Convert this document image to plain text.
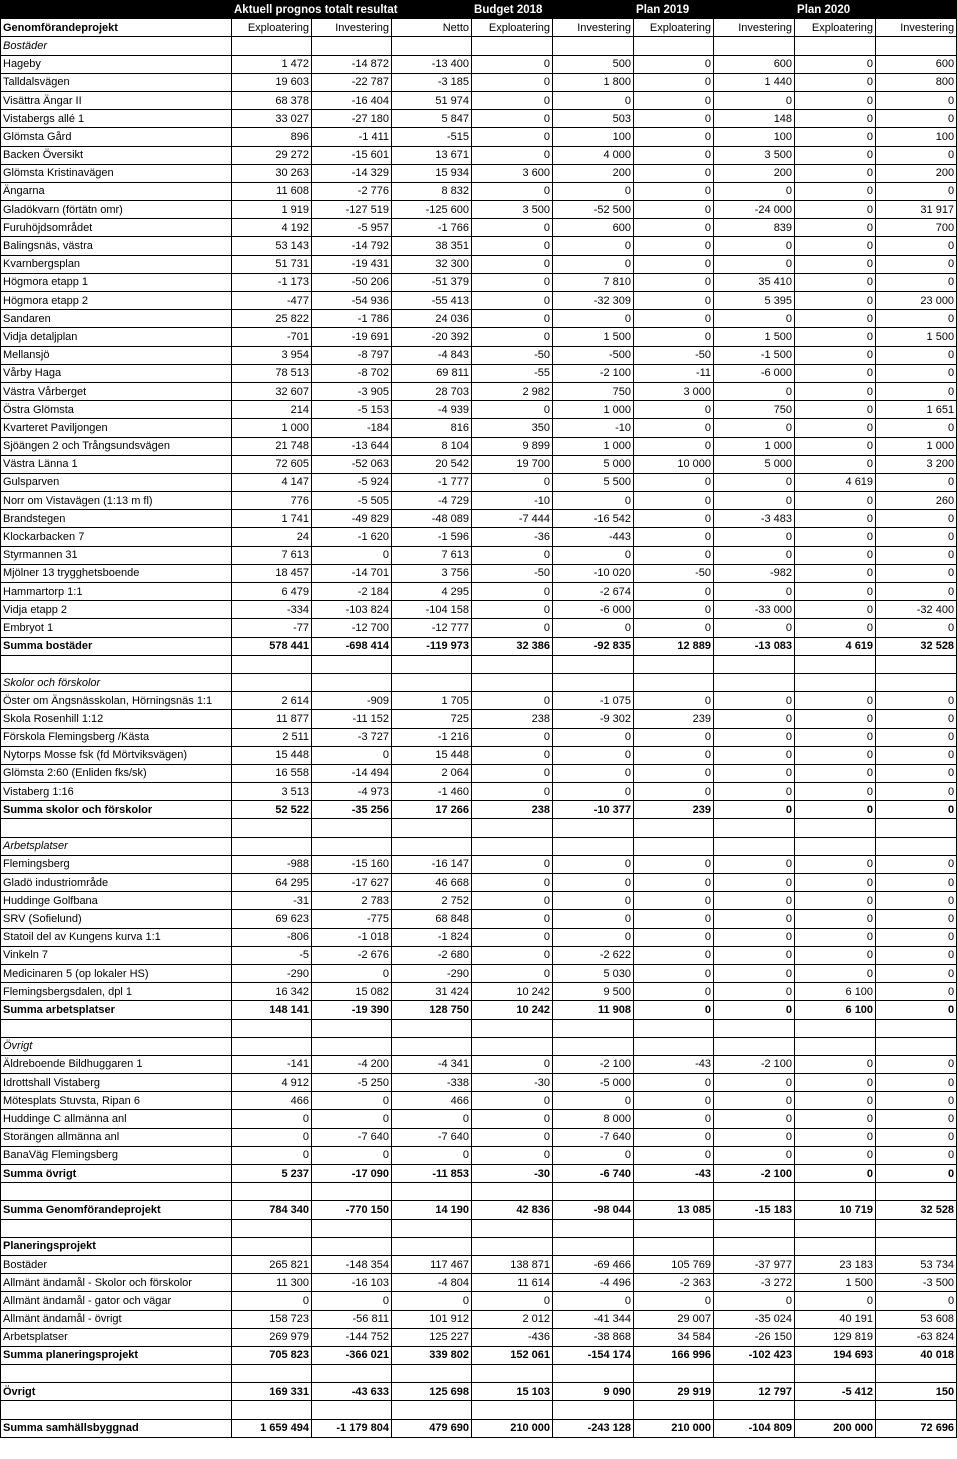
	Aktuell prognos totalt resultat			Budget 2018		Plan 2019		Plan 2020	
Genomförandeprojekt	Exploatering	Investering	Netto	Exploatering	Investering	Exploatering	Investering	Exploatering	Investering
Bostäder									
Hageby	1 472	-14 872	-13 400	0	500	0	600	0	600
Talldalsvägen	19 603	-22 787	-3 185	0	1 800	0	1 440	0	800
Visättra Ängar II	68 378	-16 404	51 974	0	0	0	0	0	0
Vistabergs allé 1	33 027	-27 180	5 847	0	503	0	148	0	0
Glömsta Gård	896	-1 411	-515	0	100	0	100	0	100
Backen Översikt	29 272	-15 601	13 671	0	4 000	0	3 500	0	0
Glömsta Kristinavägen	30 263	-14 329	15 934	3 600	200	0	200	0	200
Ängarna	11 608	-2 776	8 832	0	0	0	0	0	0
Gladökvarn (förtätn omr)	1 919	-127 519	-125 600	3 500	-52 500	0	-24 000	0	31 917
Furuhöjdsområdet	4 192	-5 957	-1 766	0	600	0	839	0	700
Balingsnäs, västra	53 143	-14 792	38 351	0	0	0	0	0	0
Kvarnbergsplan	51 731	-19 431	32 300	0	0	0	0	0	0
Högmora etapp 1	-1 173	-50 206	-51 379	0	7 810	0	35 410	0	0
Högmora etapp 2	-477	-54 936	-55 413	0	-32 309	0	5 395	0	23 000
Sandaren	25 822	-1 786	24 036	0	0	0	0	0	0
Vidja detaljplan	-701	-19 691	-20 392	0	1 500	0	1 500	0	1 500
Mellansjö	3 954	-8 797	-4 843	-50	-500	-50	-1 500	0	0
Vårby Haga	78 513	-8 702	69 811	-55	-2 100	-11	-6 000	0	0
Västra Vårberget	32 607	-3 905	28 703	2 982	750	3 000	0	0	0
Östra Glömsta	214	-5 153	-4 939	0	1 000	0	750	0	1 651
Kvarteret Paviljongen	1 000	-184	816	350	-10	0	0	0	0
Sjöängen 2 och Trångsundsvägen	21 748	-13 644	8 104	9 899	1 000	0	1 000	0	1 000
Västra Länna 1	72 605	-52 063	20 542	19 700	5 000	10 000	5 000	0	3 200
Gulsparven	4 147	-5 924	-1 777	0	5 500	0	0	4 619	0
Norr om Vistavägen (1:13 m fl)	776	-5 505	-4 729	-10	0	0	0	0	260
Brandstegen	1 741	-49 829	-48 089	-7 444	-16 542	0	-3 483	0	0
Klockarbacken 7	24	-1 620	-1 596	-36	-443	0	0	0	0
Styrmannen 31	7 613	0	7 613	0	0	0	0	0	0
Mjölner 13 trygghetsboende	18 457	-14 701	3 756	-50	-10 020	-50	-982	0	0
Hammartorp 1:1	6 479	-2 184	4 295	0	-2 674	0	0	0	0
Vidja etapp 2	-334	-103 824	-104 158	0	-6 000	0	-33 000	0	-32 400
Embryot 1	-77	-12 700	-12 777	0	0	0	0	0	0
Summa bostäder	578 441	-698 414	-119 973	32 386	-92 835	12 889	-13 083	4 619	32 528

Skolor och förskolor									
Öster om Ängsnässkolan, Hörningsnäs 1:1	2 614	-909	1 705	0	-1 075	0	0	0	0
Skola Rosenhill 1:12	11 877	-11 152	725	238	-9 302	239	0	0	0
Förskola Flemingsberg /Kästa	2 511	-3 727	-1 216	0	0	0	0	0	0
Nytorps Mosse fsk (fd Mörtviksvägen)	15 448	0	15 448	0	0	0	0	0	0
Glömsta 2:60 (Enliden fks/sk)	16 558	-14 494	2 064	0	0	0	0	0	0
Vistaberg 1:16	3 513	-4 973	-1 460	0	0	0	0	0	0
Summa skolor och förskolor	52 522	-35 256	17 266	238	-10 377	239	0	0	0

Arbetsplatser									
Flemingsberg	-988	-15 160	-16 147	0	0	0	0	0	0
Gladö industriområde	64 295	-17 627	46 668	0	0	0	0	0	0
Huddinge Golfbana	-31	2 783	2 752	0	0	0	0	0	0
SRV (Sofielund)	69 623	-775	68 848	0	0	0	0	0	0
Statoil del av Kungens kurva 1:1	-806	-1 018	-1 824	0	0	0	0	0	0
Vinkeln 7	-5	-2 676	-2 680	0	-2 622	0	0	0	0
Medicinaren 5 (op lokaler HS)	-290	0	-290	0	5 030	0	0	0	0
Flemingsbergsdalen, dpl 1	16 342	15 082	31 424	10 242	9 500	0	0	6 100	0
Summa arbetsplatser	148 141	-19 390	128 750	10 242	11 908	0	0	6 100	0

Övrigt									
Äldreboende Bildhuggaren 1	-141	-4 200	-4 341	0	-2 100	-43	-2 100	0	0
Idrottshall Vistaberg	4 912	-5 250	-338	-30	-5 000	0	0	0	0
Mötesplats Stuvsta, Ripan 6	466	0	466	0	0	0	0	0	0
Huddinge C allmänna anl	0	0	0	0	8 000	0	0	0	0
Storängen allmänna anl	0	-7 640	-7 640	0	-7 640	0	0	0	0
BanaVäg Flemingsberg	0	0	0	0	0	0	0	0	0
Summa övrigt	5 237	-17 090	-11 853	-30	-6 740	-43	-2 100	0	0

Summa Genomförandeprojekt	784 340	-770 150	14 190	42 836	-98 044	13 085	-15 183	10 719	32 528

Planeringsprojekt									
Bostäder	265 821	-148 354	117 467	138 871	-69 466	105 769	-37 977	23 183	53 734
Allmänt ändamål - Skolor och förskolor	11 300	-16 103	-4 804	11 614	-4 496	-2 363	-3 272	1 500	-3 500
Allmänt ändamål - gator och vägar	0	0	0	0	0	0	0	0	0
Allmänt ändamål - övrigt	158 723	-56 811	101 912	2 012	-41 344	29 007	-35 024	40 191	53 608
Arbetsplatser	269 979	-144 752	125 227	-436	-38 868	34 584	-26 150	129 819	-63 824
Summa planeringsprojekt	705 823	-366 021	339 802	152 061	-154 174	166 996	-102 423	194 693	40 018

Övrigt	169 331	-43 633	125 698	15 103	9 090	29 919	12 797	-5 412	150

Summa samhällsbyggnad	1 659 494	-1 179 804	479 690	210 000	-243 128	210 000	-104 809	200 000	72 696
